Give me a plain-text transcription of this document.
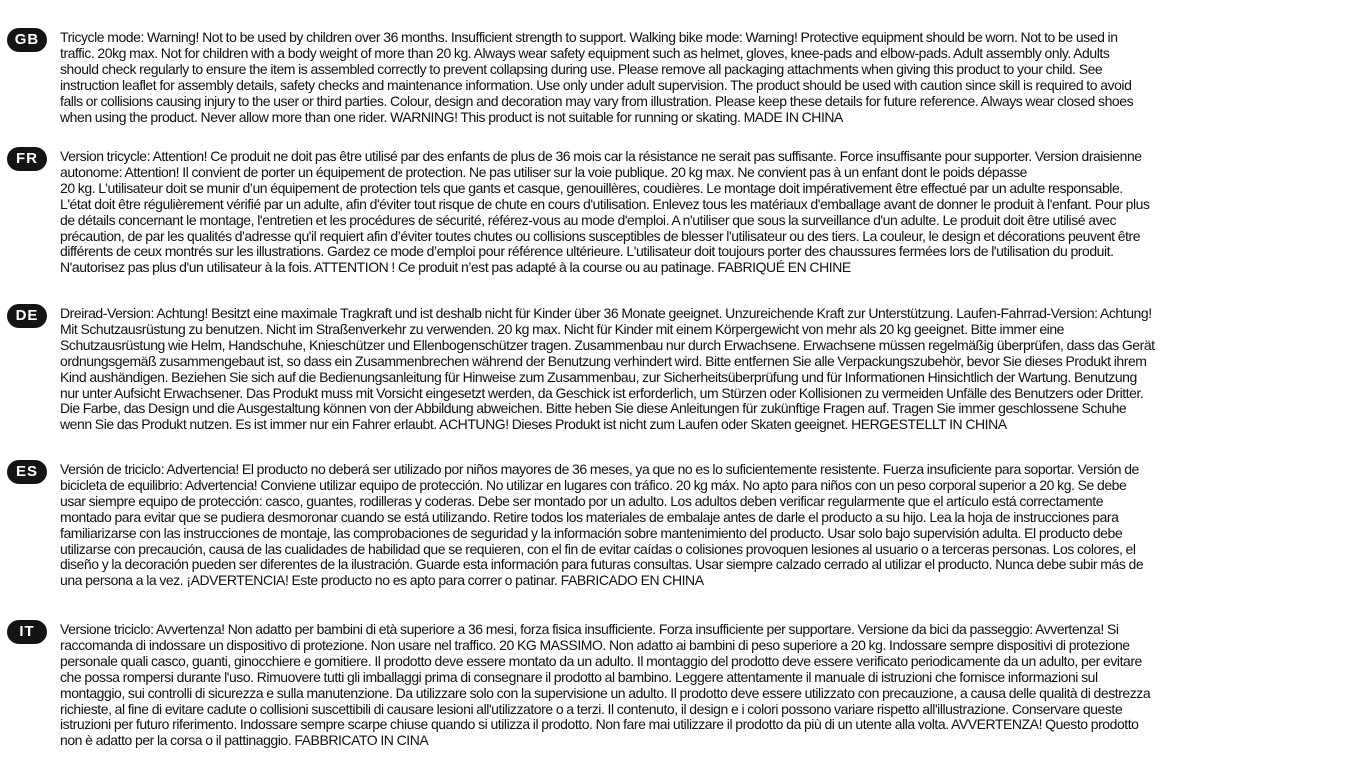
GB	Tricycle mode: Warning! Not to be used by children over 36 months. Insufficient strength to support. Walking bike mode: Warning! Protective equipment should be worn. Not to be used in
traffic. 20kg max. Not for children with a body weight of more than 20 kg. Always wear safety equipment such as helmet, gloves, knee-pads and elbow-pads. Adult assembly only. Adults
should check regularly to ensure the item is assembled correctly to prevent collapsing during use. Please remove all packaging attachments when giving this product to your child. See
instruction leaflet for assembly details, safety checks and maintenance information. Use only under adult supervision. The product should be used with caution since skill is required to avoid
falls or collisions causing injury to the user or third parties. Colour, design and decoration may vary from illustration. Please keep these details for future reference. Always wear closed shoes
when using the product. Never allow more than one rider. WARNING! This product is not suitable for running or skating. MADE IN CHINA

FR	Version tricycle: Attention! Ce produit ne doit pas être utilisé par des enfants de plus de 36 mois car la résistance ne serait pas suffisante. Force insuffisante pour supporter. Version draisienne
autonome: Attention! Il convient de porter un équipement de protection. Ne pas utiliser sur la voie publique. 20 kg max. Ne convient pas à un enfant dont le poids dépasse
20 kg. L’utilisateur doit se munir d’un équipement de protection tels que gants et casque, genouillères, coudières. Le montage doit impérativement être effectué par un adulte responsable.
L'état doit être régulièrement vérifié par un adulte, afin d'éviter tout risque de chute en cours d'utilisation. Enlevez tous les matériaux d'emballage avant de donner le produit à l'enfant. Pour plus
de détails concernant le montage, l'entretien et les procédures de sécurité, référez-vous au mode d'emploi. A n'utiliser que sous la surveillance d'un adulte. Le produit doit être utilisé avec
précaution, de par les qualités d'adresse qu'il requiert afin d’éviter toutes chutes ou collisions susceptibles de blesser l'utilisateur ou des tiers. La couleur, le design et décorations peuvent être
différents de ceux montrés sur les illustrations. Gardez ce mode d’emploi pour référence ultérieure. L'utilisateur doit toujours porter des chaussures fermées lors de l'utilisation du produit.
N'autorisez pas plus d'un utilisateur à la fois. ATTENTION ! Ce produit n’est pas adapté à la course ou au patinage. FABRIQUÉ EN CHINE

DE	Dreirad-Version: Achtung! Besitzt eine maximale Tragkraft und ist deshalb nicht für Kinder über 36 Monate geeignet. Unzureichende Kraft zur Unterstützung. Laufen-Fahrrad-Version: Achtung!
Mit Schutzausrüstung zu benutzen. Nicht im Straßenverkehr zu verwenden. 20 kg max. Nicht für Kinder mit einem Körpergewicht von mehr als 20 kg geeignet. Bitte immer eine
Schutzausrüstung wie Helm, Handschuhe, Knieschützer und Ellenbogenschützer tragen. Zusammenbau nur durch Erwachsene. Erwachsene müssen regelmäßig überprüfen, dass das Gerät
ordnungsgemäß zusammengebaut ist, so dass ein Zusammenbrechen während der Benutzung verhindert wird. Bitte entfernen Sie alle Verpackungszubehör, bevor Sie dieses Produkt ihrem
Kind aushändigen. Beziehen Sie sich auf die Bedienungsanleitung für Hinweise zum Zusammenbau, zur Sicherheitsüberprüfung und für Informationen Hinsichtlich der Wartung. Benutzung
nur unter Aufsicht Erwachsener. Das Produkt muss mit Vorsicht eingesetzt werden, da Geschick ist erforderlich, um Stürzen oder Kollisionen zu vermeiden Unfälle des Benutzers oder Dritter.
Die Farbe, das Design und die Ausgestaltung können von der Abbildung abweichen. Bitte heben Sie diese Anleitungen für zukünftige Fragen auf. Tragen Sie immer geschlossene Schuhe
wenn Sie das Produkt nutzen. Es ist immer nur ein Fahrer erlaubt. ACHTUNG! Dieses Produkt ist nicht zum Laufen oder Skaten geeignet. HERGESTELLT IN CHINA

ES	Versión de triciclo: Advertencia! El producto no deberá ser utilizado por niños mayores de 36 meses, ya que no es lo suficientemente resistente. Fuerza insuficiente para soportar. Versión de
bicicleta de equilibrio: Advertencia! Conviene utilizar equipo de protección. No utilizar en lugares con tráfico. 20 kg máx. No apto para niños con un peso corporal superior a 20 kg. Se debe
usar siempre equipo de protección: casco, guantes, rodilleras y coderas. Debe ser montado por un adulto. Los adultos deben verificar regularmente que el artículo está correctamente
montado para evitar que se pudiera desmoronar cuando se está utilizando. Retire todos los materiales de embalaje antes de darle el producto a su hijo. Lea la hoja de instrucciones para
familiarizarse con las instrucciones de montaje, las comprobaciones de seguridad y la información sobre mantenimiento del producto. Usar solo bajo supervisión adulta. El producto debe
utilizarse con precaución, causa de las cualidades de habilidad que se requieren, con el fin de evitar caídas o colisiones provoquen lesiones al usuario o a terceras personas. Los colores, el
diseño y la decoración pueden ser diferentes de la ilustración. Guarde esta información para futuras consultas. Usar siempre calzado cerrado al utilizar el producto. Nunca debe subir más de
una persona a la vez. ¡ADVERTENCIA! Este producto no es apto para correr o patinar. FABRICADO EN CHINA

IT	Versione triciclo: Avvertenza! Non adatto per bambini di età superiore a 36 mesi, forza fisica insufficiente. Forza insufficiente per supportare. Versione da bici da passeggio: Avvertenza! Si
raccomanda di indossare un dispositivo di protezione. Non usare nel traffico. 20 KG MASSIMO. Non adatto ai bambini di peso superiore a 20 kg. Indossare sempre dispositivi di protezione
personale quali casco, guanti, ginocchiere e gomitiere. Il prodotto deve essere montato da un adulto. Il montaggio del prodotto deve essere verificato periodicamente da un adulto, per evitare
che possa rompersi durante l'uso. Rimuovere tutti gli imballaggi prima di consegnare il prodotto al bambino. Leggere attentamente il manuale di istruzioni che fornisce informazioni sul
montaggio, sui controlli di sicurezza e sulla manutenzione. Da utilizzare solo con la supervisione un adulto. Il prodotto deve essere utilizzato con precauzione, a causa delle qualità di destrezza
richieste, al fine di evitare cadute o collisioni suscettibili di causare lesioni all'utilizzatore o a terzi. Il contenuto, il design e i colori possono variare rispetto all'illustrazione. Conservare queste
istruzioni per futuro riferimento. Indossare sempre scarpe chiuse quando si utilizza il prodotto. Non fare mai utilizzare il prodotto da più di un utente alla volta. AVVERTENZA! Questo prodotto
non è adatto per la corsa o il pattinaggio. FABBRICATO IN CINA
